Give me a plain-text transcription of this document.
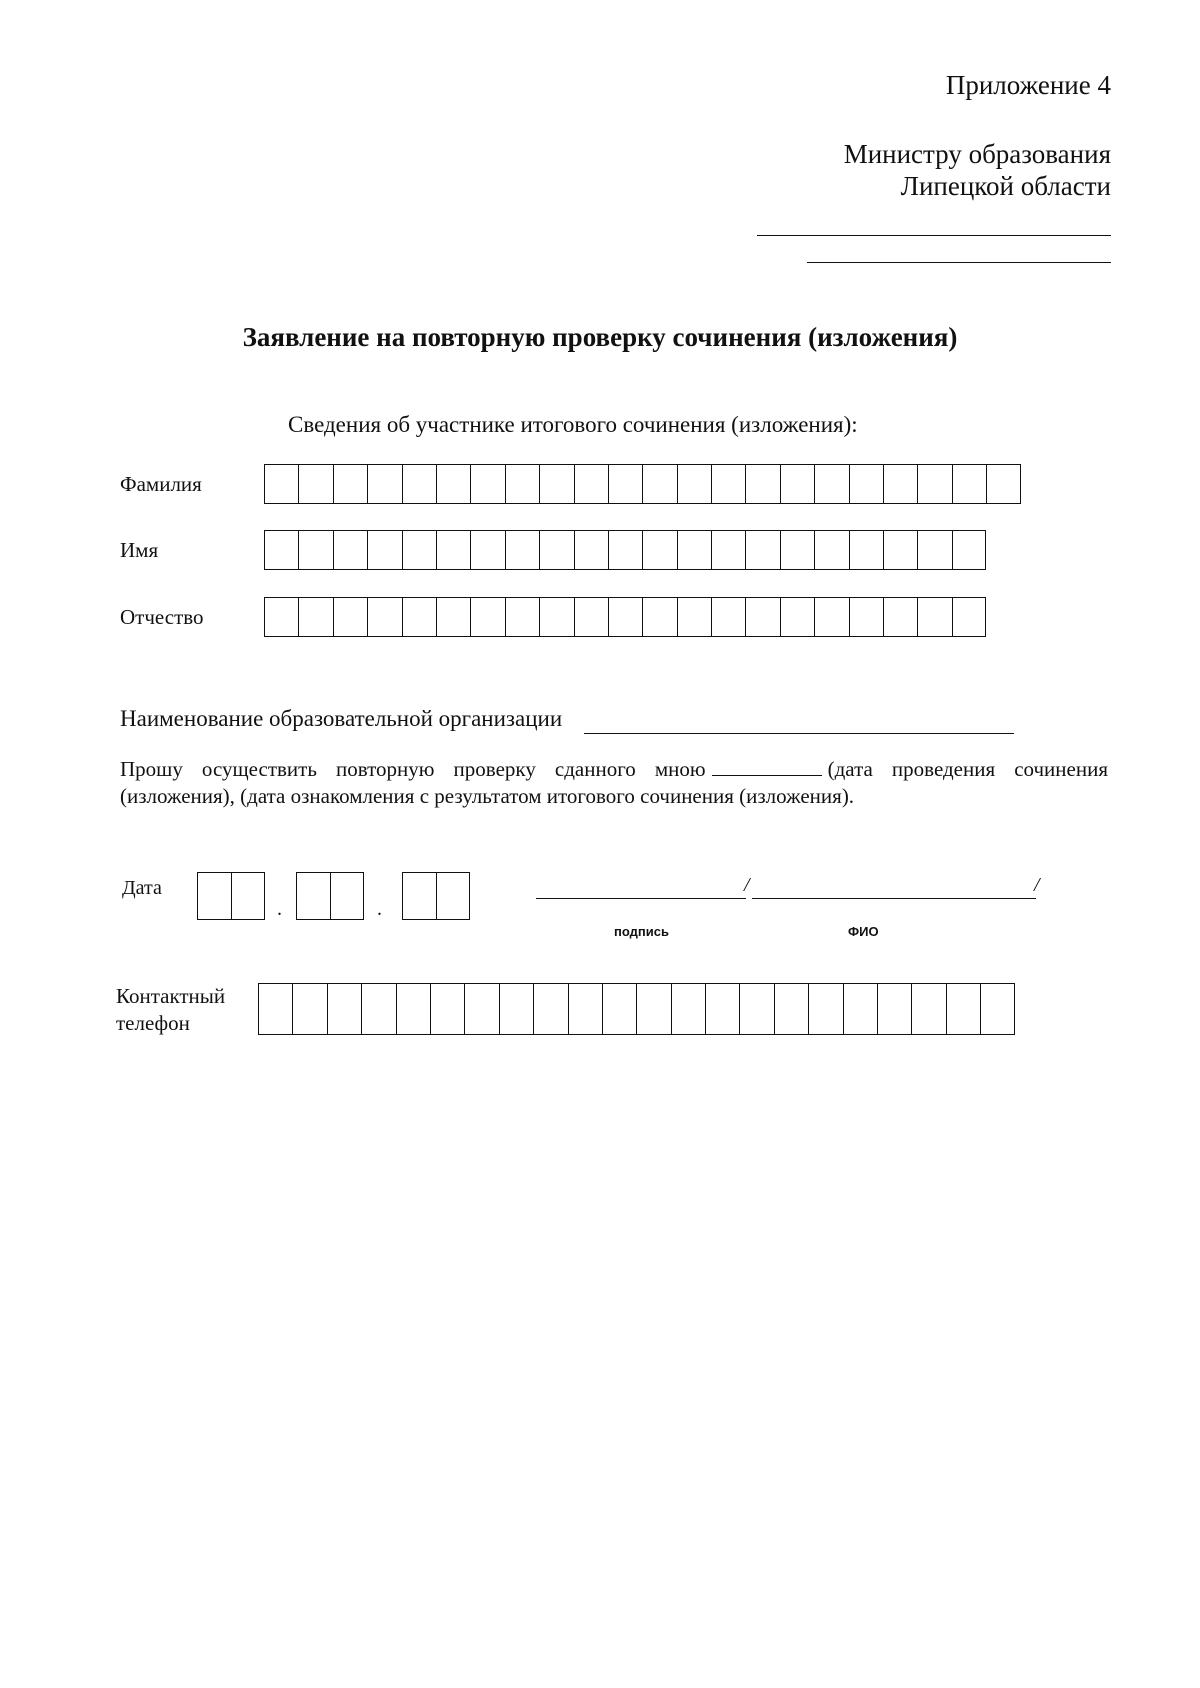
Приложение 4
Министру образования
Липецкой области
Заявление на повторную проверку сочинения (изложения)
Сведения об участнике итогового сочинения (изложения):
Фамилия
Имя
Отчество
Наименование образовательной организации
Прошу осуществить повторную проверку сданного мною	(дата проведения сочинения (изложения), (дата ознакомления с результатом итогового сочинения (изложения).
Дата
.	.
/	/
подпись	ФИО
Контактный
телефон
